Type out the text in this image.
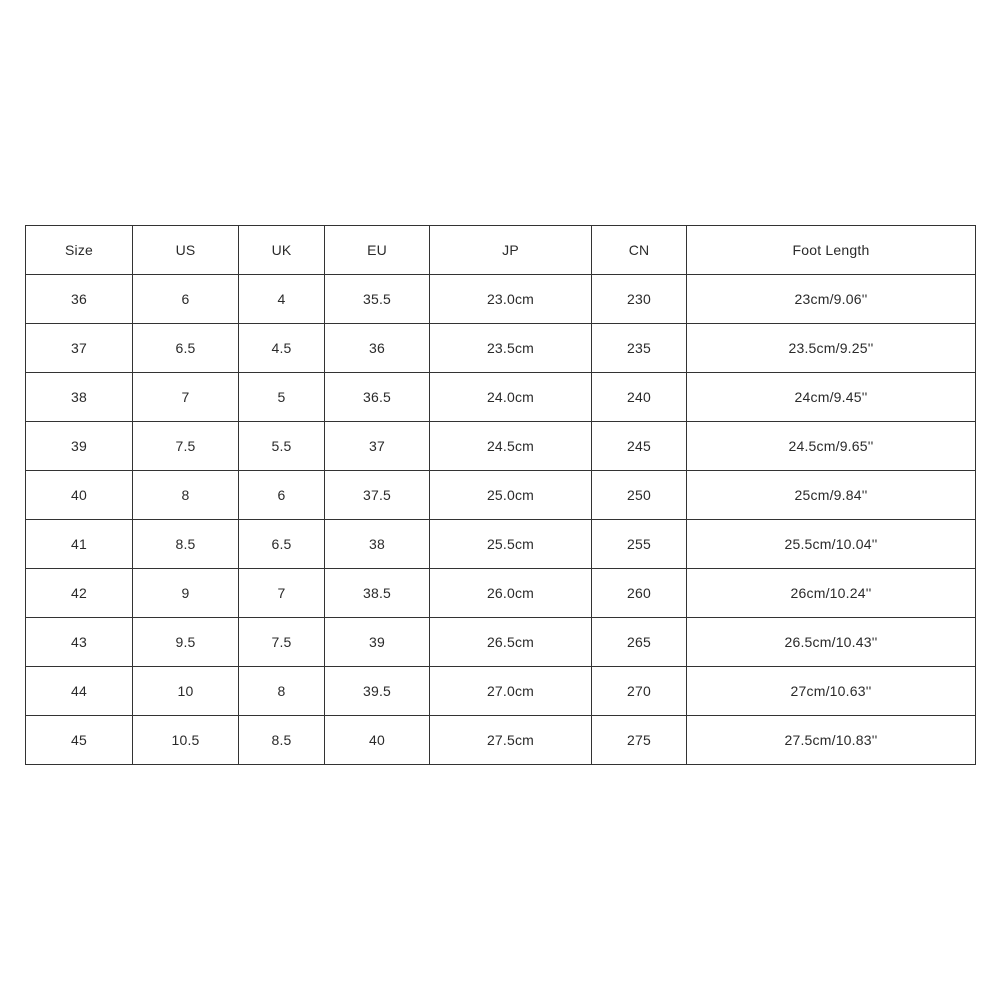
Size	US	UK	EU	JP	CN	Foot Length
36	6	4	35.5	23.0cm	230	23cm/9.06''
37	6.5	4.5	36	23.5cm	235	23.5cm/9.25''
38	7	5	36.5	24.0cm	240	24cm/9.45''
39	7.5	5.5	37	24.5cm	245	24.5cm/9.65''
40	8	6	37.5	25.0cm	250	25cm/9.84''
41	8.5	6.5	38	25.5cm	255	25.5cm/10.04''
42	9	7	38.5	26.0cm	260	26cm/10.24''
43	9.5	7.5	39	26.5cm	265	26.5cm/10.43''
44	10	8	39.5	27.0cm	270	27cm/10.63''
45	10.5	8.5	40	27.5cm	275	27.5cm/10.83''
